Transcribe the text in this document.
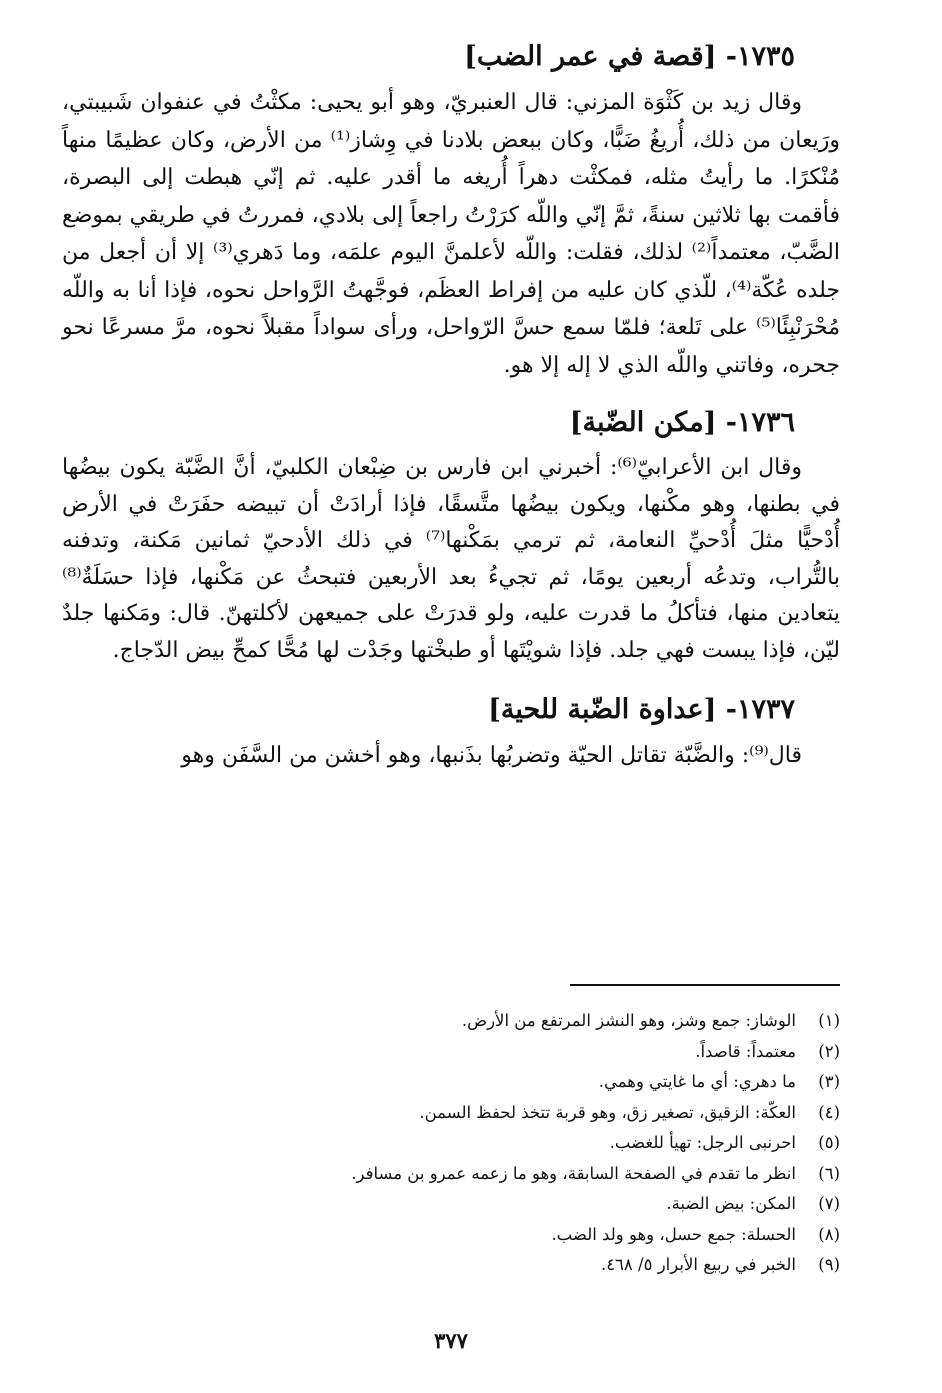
١٧٣٥- [قصة في عمر الضب]

وقال زيد بن كَثْوَة المزني: قال العنبريّ، وهو أبو يحيى: مكثْتُ في عنفوان شَبيبتي، ورَيعان من ذلك، أُريغُ ضَبًّا، وكان ببعض بلادنا في وِشاز⁽¹⁾ من الأرض، وكان عظيمًا منهاً مُنْكرًا. ما رأيتُ مثله، فمكثْت دهراً أُريغه ما أقدر عليه. ثم إنّي هبطت إلى البصرة، فأقمت بها ثلاثين سنةً، ثمَّ إنّي واللّه كرَرْتُ راجعاً إلى بلادي، فمررتُ في طريقي بموضع الضَّبّ، معتمداً⁽²⁾ لذلك، فقلت: واللّه لأعلمنَّ اليوم علمَه، وما دَهري⁽³⁾ إلا أن أجعل من جلده عُكّة⁽⁴⁾، للّذي كان عليه من إفراط العظَم، فوجَّهتُ الرَّواحل نحوه، فإذا أنا به واللّه مُحْرَنْبِئًا⁽⁵⁾ على تَلعة؛ فلمّا سمع حسَّ الرّواحل، ورأى سواداً مقبلاً نحوه، مرَّ مسرعًا نحو جحره، وفاتني واللّه الذي لا إله إلا هو.

١٧٣٦- [مكن الضّبة]

وقال ابن الأعرابيّ⁽⁶⁾: أخبرني ابن فارس بن ضِبْعان الكلبيّ، أنَّ الضَّبّة يكون بيضُها في بطنها، وهو مكْنها، ويكون بيضُها متَّسقًا، فإذا أرادَتْ أن تبيضه حفَرَتْ في الأرض أُدْحيًّا مثلَ أُدْحيِّ النعامة، ثم ترمي بمَكْنها⁽⁷⁾ في ذلك الأدحيّ ثمانين مَكنة، وتدفنه بالتُّراب، وتدعُه أربعين يومًا، ثم تجيءُ بعد الأربعين فتبحثُ عن مَكْنها، فإذا حسَلَةٌ⁽⁸⁾ يتعادين منها، فتأكلُ ما قدرت عليه، ولو قدرَتْ على جميعهن لأكلتهنّ. قال: ومَكنها جلدٌ ليّن، فإذا يبست فهي جلد. فإذا شويْتَها أو طبخْتها وجَدْت لها مُحًّا كمحِّ بيض الدّجاج.

١٧٣٧- [عداوة الضّبة للحية]

قال⁽⁹⁾: والضَّبّة تقاتل الحيّة وتضربُها بذَنبها، وهو أخشن من السَّفَن وهو

(١)
الوشاز: جمع وشز، وهو النشز المرتفع من الأرض.
(٢)
معتمداً: قاصداً.
(٣)
ما دهري: أي ما غايتي وهمي.
(٤)
العكّة: الزقيق، تصغير زق، وهو قربة تتخذ لحفظ السمن.
(٥)
احرنبى الرجل: تهيأ للغضب.
(٦)
انظر ما تقدم في الصفحة السابقة، وهو ما زعمه عمرو بن مسافر.
(٧)
المكن: بيض الضبة.
(٨)
الحسلة: جمع حسل، وهو ولد الضب.
(٩)
الخبر في ربيع الأبرار ٥/ ٤٦٨.
٣٧٧
